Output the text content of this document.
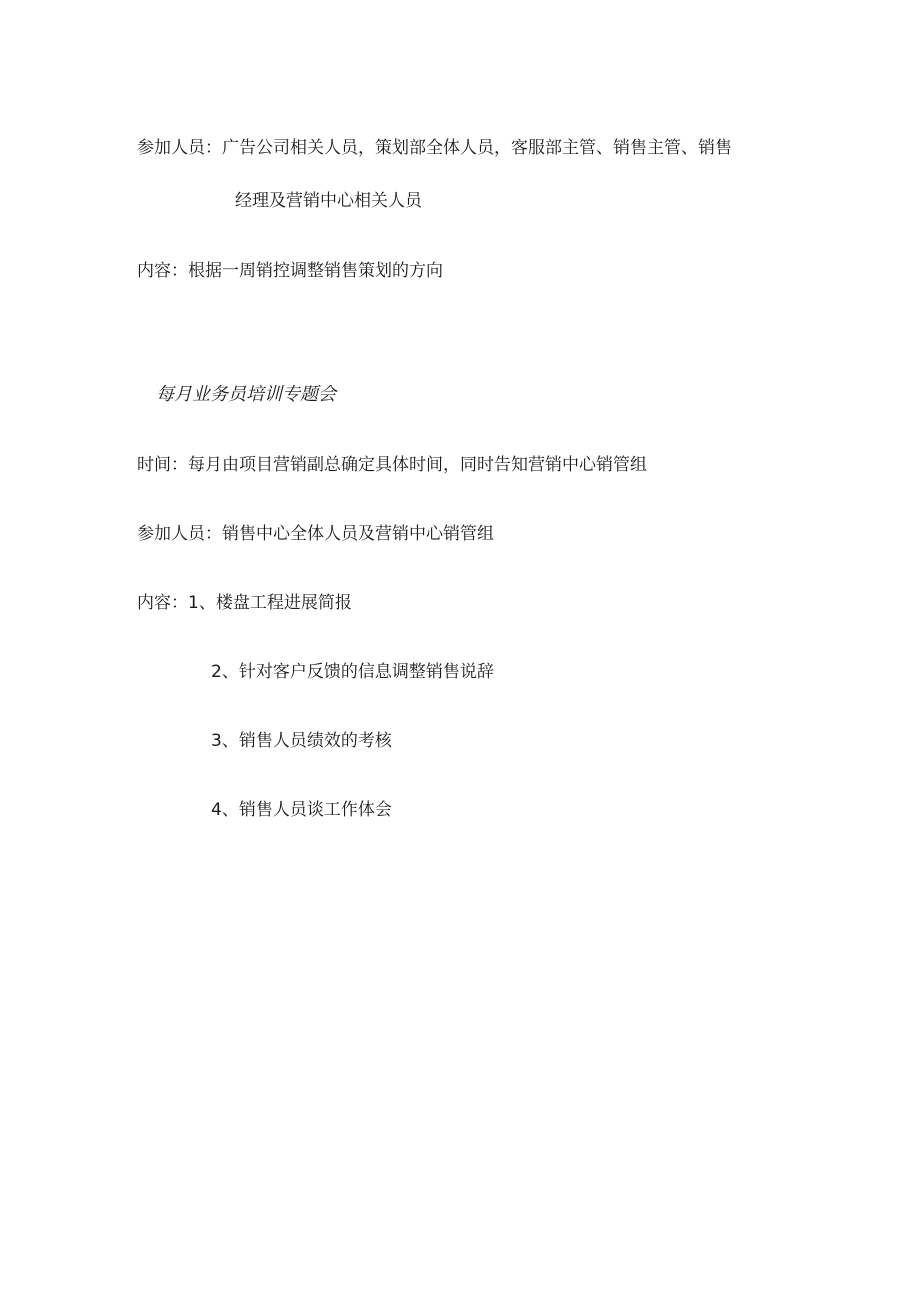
参加人员：广告公司相关人员，策划部全体人员，客服部主管、销售主管、销售
经理及营销中心相关人员
内容：根据一周销控调整销售策划的方向
每月业务员培训专题会
时间：每月由项目营销副总确定具体时间，同时告知营销中心销管组
参加人员：销售中心全体人员及营销中心销管组
内容：1、楼盘工程进展简报
2、针对客户反馈的信息调整销售说辞
3、销售人员绩效的考核
4、销售人员谈工作体会
